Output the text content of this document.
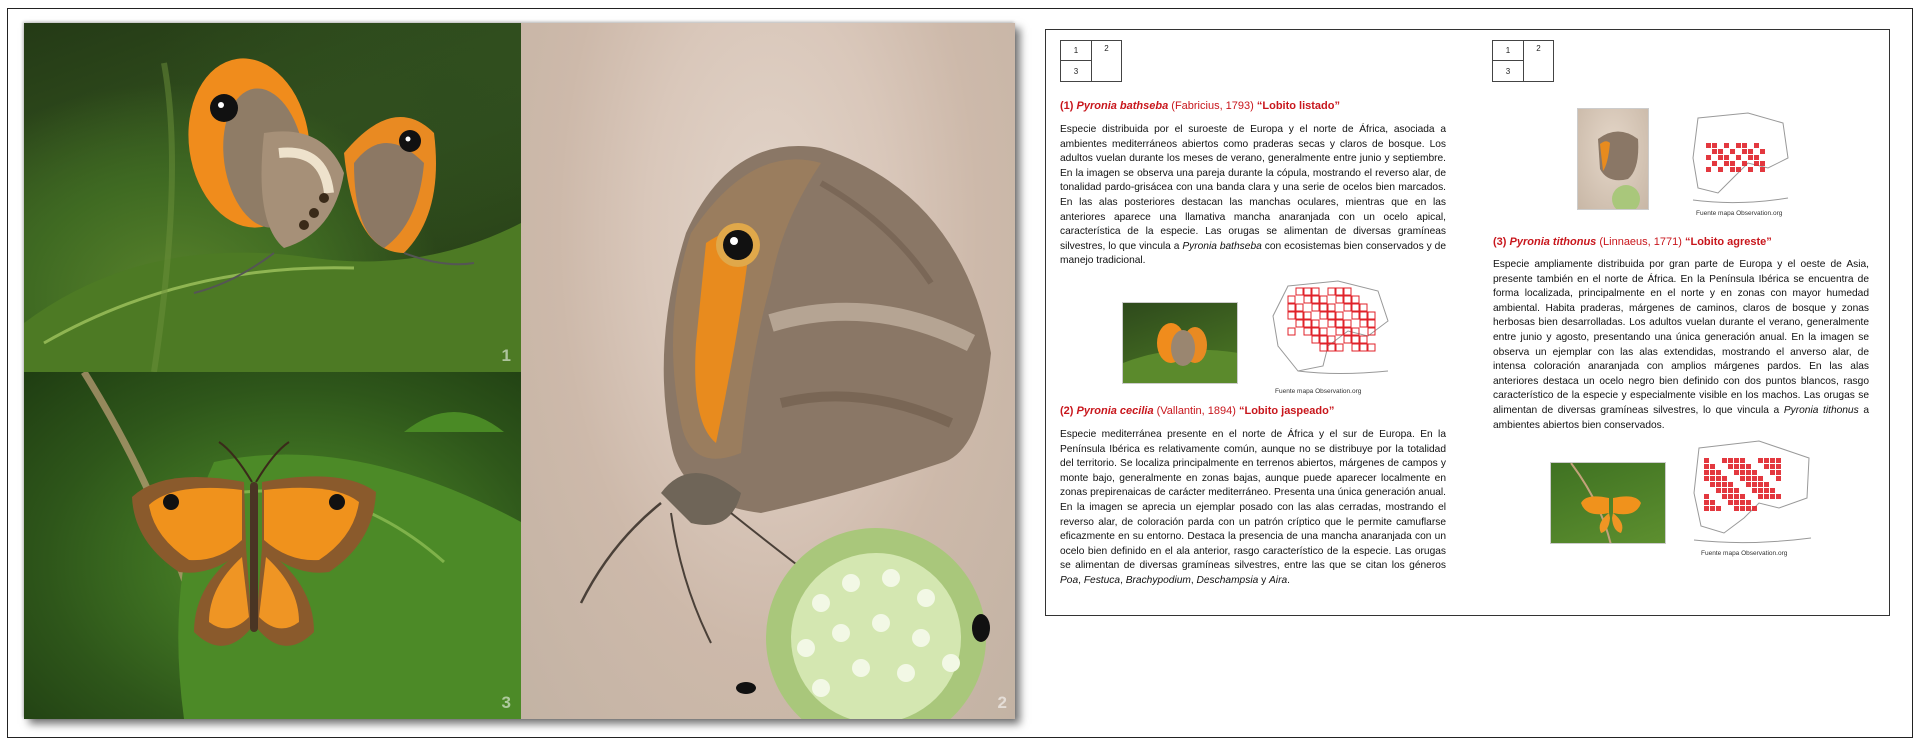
1
2
3
1	2
3
(1) Pyronia bathseba (Fabricius, 1793) “Lobito listado”
Especie distribuida por el suroeste de Europa y el norte de África, asociada a ambientes mediterráneos abiertos como praderas secas y claros de bosque. Los adultos vuelan durante los meses de verano, generalmente entre junio y septiembre. En la imagen se observa una pareja durante la cópula, mostrando el reverso alar, de tonalidad pardo-grisácea con una banda clara y una serie de ocelos bien marcados. En las alas posteriores destacan las manchas oculares, mientras que en las anteriores aparece una llamativa mancha anaranjada con un ocelo apical, característica de la especie. Las orugas se alimentan de diversas gramíneas silvestres, lo que vincula a Pyronia bathseba con ecosistemas bien conservados y de manejo tradicional.
Fuente mapa Observation.org
(2) Pyronia cecilia (Vallantin, 1894) “Lobito jaspeado”
Especie mediterránea presente en el norte de África y el sur de Europa. En la Península Ibérica es relativamente común, aunque no se distribuye por la totalidad del territorio. Se localiza principalmente en terrenos abiertos, márgenes de campos y monte bajo, generalmente en zonas bajas, aunque puede aparecer localmente en zonas prepirenaicas de carácter mediterráneo. Presenta una única generación anual. En la imagen se aprecia un ejemplar posado con las alas cerradas, mostrando el reverso alar, de coloración parda con un patrón críptico que le permite camuflarse eficazmente en su entorno. Destaca la presencia de una mancha anaranjada con un ocelo bien definido en el ala anterior, rasgo característico de la especie. Las orugas se alimentan de diversas gramíneas silvestres, entre las que se citan los géneros Poa, Festuca, Brachypodium, Deschampsia y Aira.
1	2
3
Fuente mapa Observation.org
(3) Pyronia tithonus (Linnaeus, 1771) “Lobito agreste”
Especie ampliamente distribuida por gran parte de Europa y el oeste de Asia, presente también en el norte de África. En la Península Ibérica se encuentra de forma localizada, principalmente en el norte y en zonas con mayor humedad ambiental. Habita praderas, márgenes de caminos, claros de bosque y zonas herbosas bien desarrolladas. Los adultos vuelan durante el verano, generalmente entre junio y agosto, presentando una única generación anual. En la imagen se observa un ejemplar con las alas extendidas, mostrando el anverso alar, de intensa coloración anaranjada con amplios márgenes pardos. En las alas anteriores destaca un ocelo negro bien definido con dos puntos blancos, rasgo característico de la especie y especialmente visible en los machos. Las orugas se alimentan de diversas gramíneas silvestres, lo que vincula a Pyronia tithonus a ambientes abiertos bien conservados.
Fuente mapa Observation.org
